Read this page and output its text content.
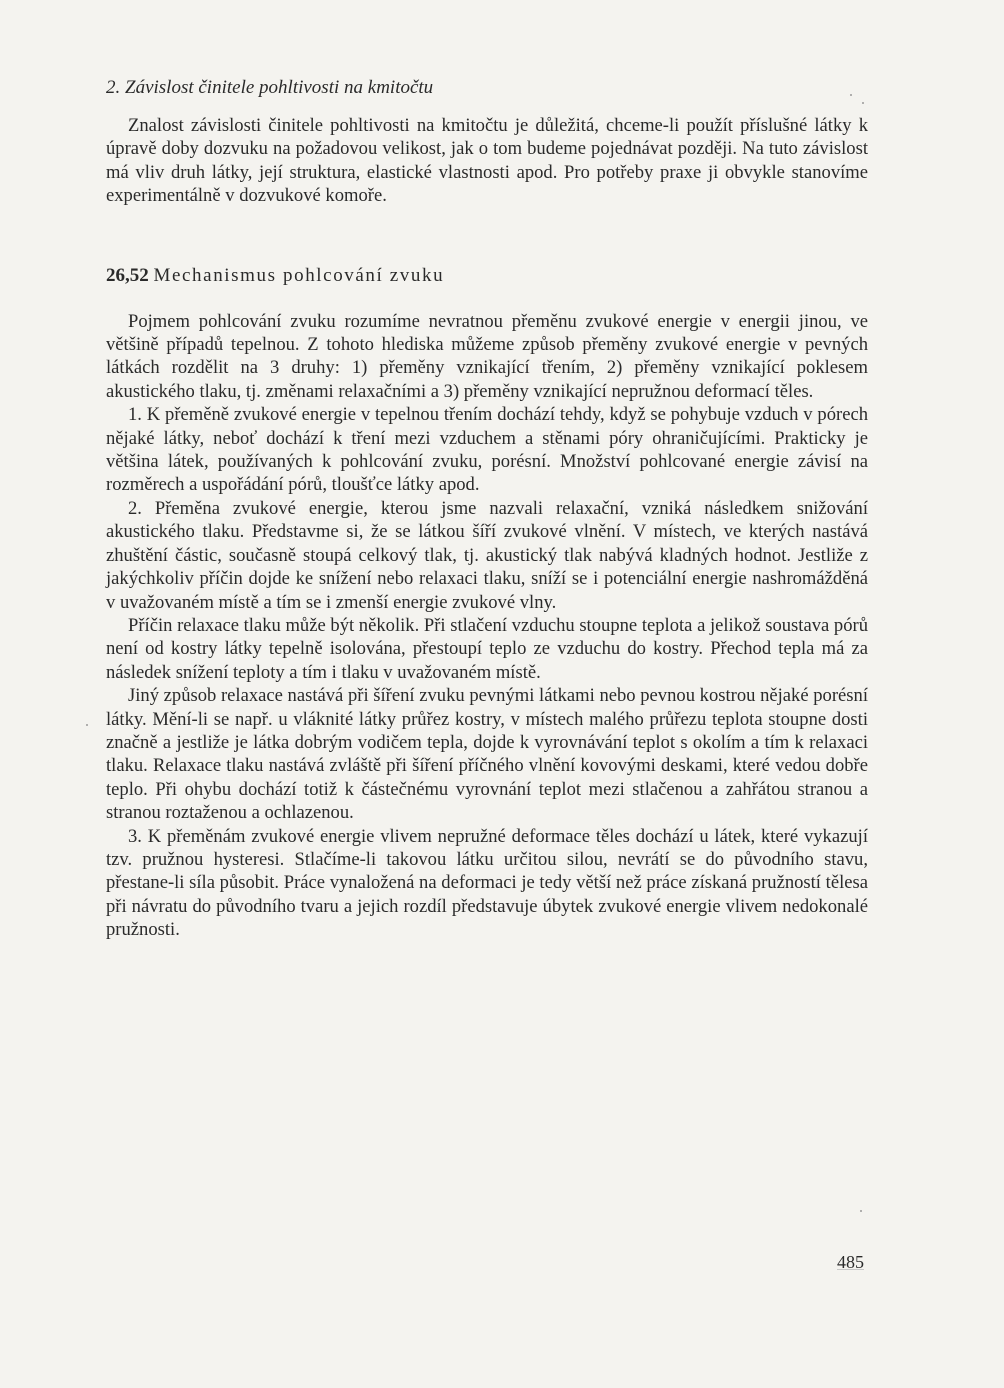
2. Závislost činitele pohltivosti na kmitočtu

Znalost závislosti činitele pohltivosti na kmitočtu je důležitá, chceme-li použít příslušné látky k úpravě doby dozvuku na požadovou velikost, jak o tom budeme pojednávat později. Na tuto závislost má vliv druh látky, její struktura, elastické vlastnosti apod. Pro potřeby praxe ji obvykle stanovíme experimentálně v dozvukové komoře.

26,52 Mechanismus pohlcování zvuku

Pojmem pohlcování zvuku rozumíme nevratnou přeměnu zvukové energie v energii jinou, ve většině případů tepelnou. Z tohoto hlediska můžeme způsob přeměny zvukové energie v pevných látkách rozdělit na 3 druhy: 1) přeměny vznikající třením, 2) přeměny vznikající poklesem akustického tlaku, tj. změnami relaxačními a 3) přeměny vznikající nepružnou deformací těles.

1. K přeměně zvukové energie v tepelnou třením dochází tehdy, když se pohybuje vzduch v pórech nějaké látky, neboť dochází k tření mezi vzduchem a stěnami póry ohraničujícími. Prakticky je většina látek, používaných k pohlcování zvuku, porésní. Množství pohlcované energie závisí na rozměrech a uspořádání pórů, tloušťce látky apod.

2. Přeměna zvukové energie, kterou jsme nazvali relaxační, vzniká následkem snižování akustického tlaku. Představme si, že se látkou šíří zvukové vlnění. V místech, ve kterých nastává zhuštění částic, současně stoupá celkový tlak, tj. akustický tlak nabývá kladných hodnot. Jestliže z jakýchkoliv příčin dojde ke snížení nebo relaxaci tlaku, sníží se i potenciální energie nashromážděná v uvažovaném místě a tím se i zmenší energie zvukové vlny.

Příčin relaxace tlaku může být několik. Při stlačení vzduchu stoupne teplota a jelikož soustava pórů není od kostry látky tepelně isolována, přestoupí teplo ze vzduchu do kostry. Přechod tepla má za následek snížení teploty a tím i tlaku v uvažovaném místě.

Jiný způsob relaxace nastává při šíření zvuku pevnými látkami nebo pevnou kostrou nějaké porésní látky. Mění-li se např. u vláknité látky průřez kostry, v místech malého průřezu teplota stoupne dosti značně a jestliže je látka dobrým vodičem tepla, dojde k vyrovnávání teplot s okolím a tím k relaxaci tlaku. Relaxace tlaku nastává zvláště při šíření příčného vlnění kovovými deskami, které vedou dobře teplo. Při ohybu dochází totiž k částečnému vyrovnání teplot mezi stlačenou a zahřátou stranou a stranou roztaženou a ochlazenou.

3. K přeměnám zvukové energie vlivem nepružné deformace těles dochází u látek, které vykazují tzv. pružnou hysteresi. Stlačíme-li takovou látku určitou silou, nevrátí se do původního stavu, přestane-li síla působit. Práce vynaložená na deformaci je tedy větší než práce získaná pružností tělesa při návratu do původního tvaru a jejich rozdíl představuje úbytek zvukové energie vlivem nedokonalé pružnosti.

485
